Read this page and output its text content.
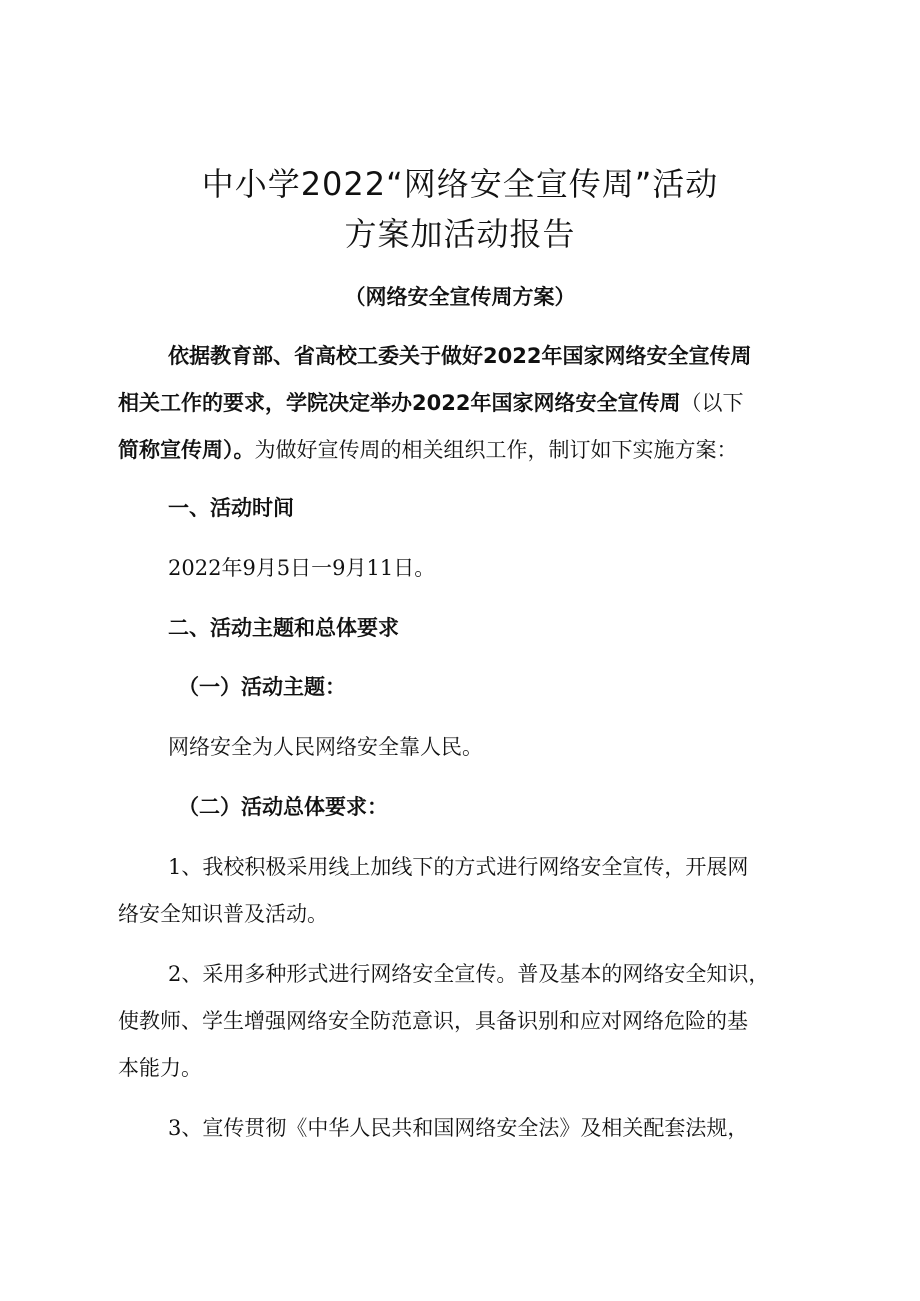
中小学2022“网络安全宣传周”活动
方案加活动报告
（网络安全宣传周方案）
依据教育部、省高校工委关于做好2022年国家网络安全宣传周
相关工作的要求，学院决定举办2022年国家网络安全宣传周（以下
简称宣传周）。为做好宣传周的相关组织工作，制订如下实施方案：
一、活动时间
2022年9月5日一9月11日。
二、活动主题和总体要求
（一）活动主题：
网络安全为人民网络安全靠人民。
（二）活动总体要求：
1、我校积极采用线上加线下的方式进行网络安全宣传，开展网
络安全知识普及活动。
2、采用多种形式进行网络安全宣传。普及基本的网络安全知识，
使教师、学生增强网络安全防范意识，具备识别和应对网络危险的基
本能力。
3、宣传贯彻《中华人民共和国网络安全法》及相关配套法规，
